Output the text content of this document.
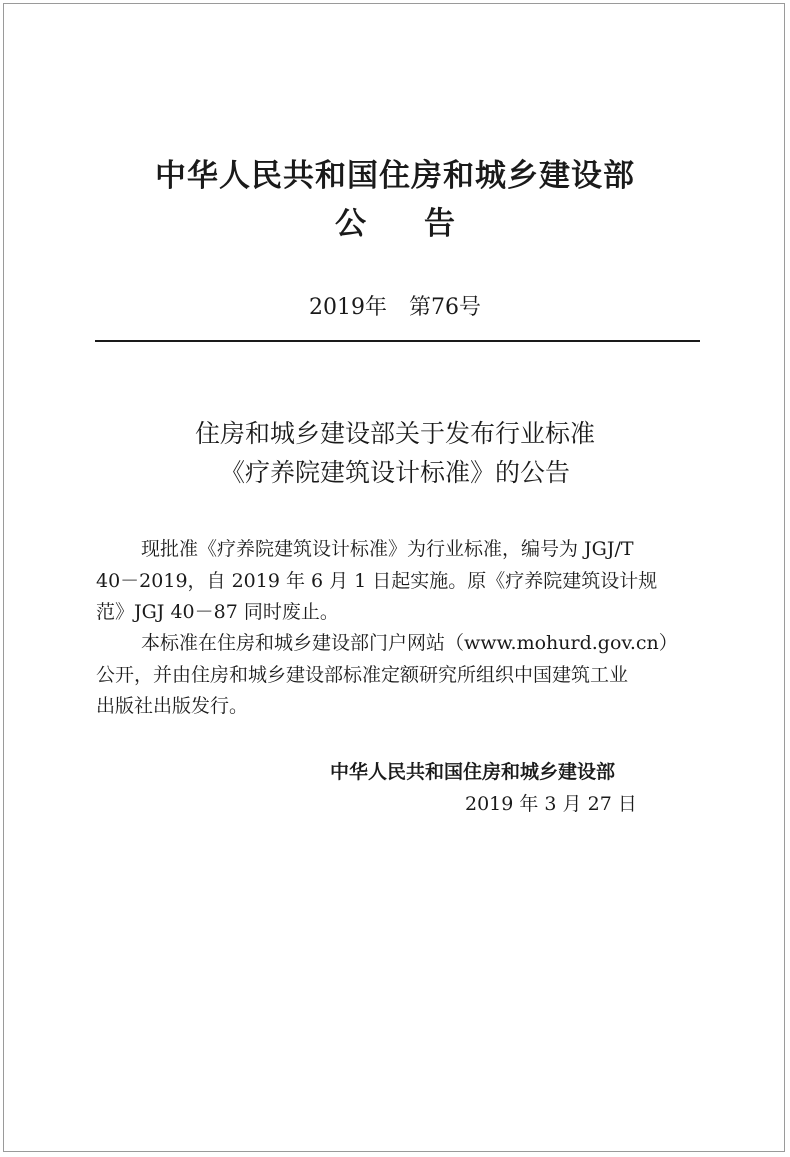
中华人民共和国住房和城乡建设部
公告
2019年　第76号
住房和城乡建设部关于发布行业标准
《疗养院建筑设计标准》的公告
现批准《疗养院建筑设计标准》为行业标准，编号为 JGJ/T
40－2019，自 2019 年 6 月 1 日起实施。原《疗养院建筑设计规
范》JGJ 40－87 同时废止。
本标准在住房和城乡建设部门户网站（www.mohurd.gov.cn）
公开，并由住房和城乡建设部标准定额研究所组织中国建筑工业
出版社出版发行。
中华人民共和国住房和城乡建设部
2019 年 3 月 27 日
